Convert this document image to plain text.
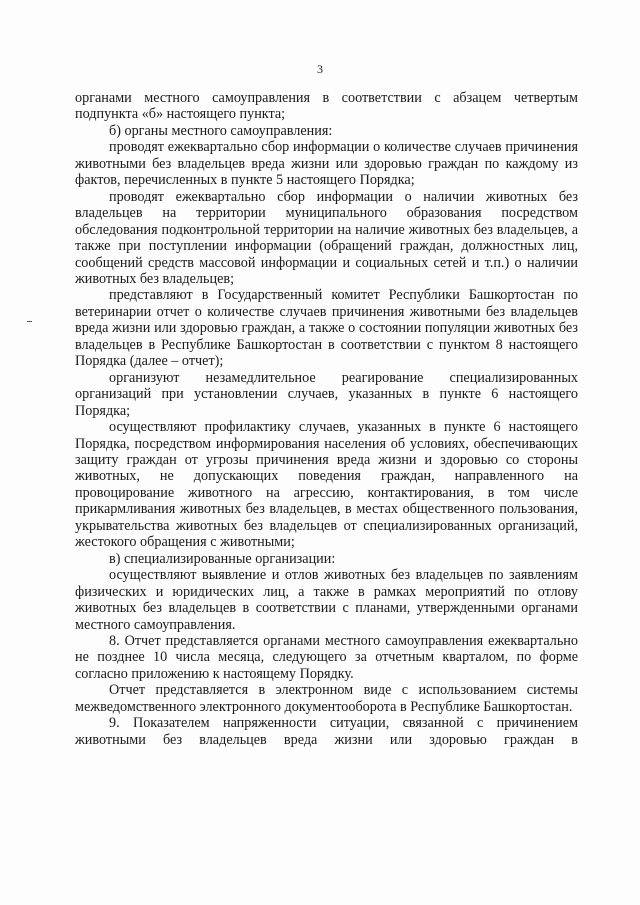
3

органами местного самоуправления в соответствии с абзацем четвертым подпункта «б» настоящего пункта;

б) органы местного самоуправления:

проводят ежеквартально сбор информации о количестве случаев причинения животными без владельцев вреда жизни или здоровью граждан по каждому из фактов, перечисленных в пункте 5 настоящего Порядка;

проводят ежеквартально сбор информации о наличии животных без владельцев на территории муниципального образования посредством обследования подконтрольной территории на наличие животных без владельцев, а также при поступлении информации (обращений граждан, должностных лиц, сообщений средств массовой информации и социальных сетей и т.п.) о наличии животных без владельцев;

представляют в Государственный комитет Республики Башкортостан по ветеринарии отчет о количестве случаев причинения животными без владельцев вреда жизни или здоровью граждан, а также о состоянии популяции животных без владельцев в Республике Башкортостан в соответствии с пунктом 8 настоящего Порядка (далее – отчет);

организуют незамедлительное реагирование специализированных организаций при установлении случаев, указанных в пункте 6 настоящего Порядка;

осуществляют профилактику случаев, указанных в пункте 6 настоящего Порядка, посредством информирования населения об условиях, обеспечивающих защиту граждан от угрозы причинения вреда жизни и здоровью со стороны животных, не допускающих поведения граждан, направленного на провоцирование животного на агрессию, контактирования, в том числе прикармливания животных без владельцев, в местах общественного пользования, укрывательства животных без владельцев от специализированных организаций, жестокого обращения с животными;

в) специализированные организации:

осуществляют выявление и отлов животных без владельцев по заявлениям физических и юридических лиц, а также в рамках мероприятий по отлову животных без владельцев в соответствии с планами, утвержденными органами местного самоуправления.

8. Отчет представляется органами местного самоуправления ежеквартально не позднее 10 числа месяца, следующего за отчетным кварталом, по форме согласно приложению к настоящему Порядку.

Отчет представляется в электронном виде с использованием системы межведомственного электронного документооборота в Республике Башкортостан.

9. Показателем напряженности ситуации, связанной с причинением животными без владельцев вреда жизни или здоровью граждан в
